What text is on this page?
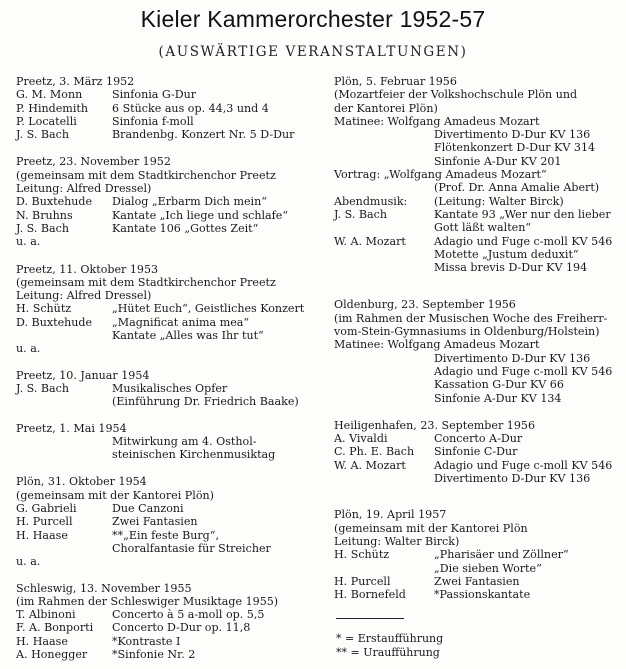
Kieler Kammerorchester 1952-57
(AUSWÄRTIGE VERANSTALTUNGEN)
Preetz, 3. März 1952
G. M. Monn	Sinfonia G-Dur
P. Hindemith 6 Stücke aus op. 44,3 und 4
P. Locatelli	Sinfonia f-moll
J. S. Bach	Brandenbg. Konzert Nr. 5 D-Dur
Preetz, 23. November 1952
(gemeinsam mit dem Stadtkirchenchor Preetz
Leitung: Alfred Dressel)
D. Buxtehude Dialog „Erbarm Dich mein“
N. Bruhns	Kantate „Ich liege und schlafe“
J. S. Bach	Kantate 106 „Gottes Zeit“
u. a.
Preetz, 11. Oktober 1953
(gemeinsam mit dem Stadtkirchenchor Preetz
Leitung: Alfred Dressel)
H. Schütz	„Hütet Euch“, Geistliches Konzert
D. Buxtehude „Magnificat anima mea“
Kantate „Alles was Ihr tut“
u. a.
Preetz, 10. Januar 1954
J. S. Bach	Musikalisches Opfer
(Einführung Dr. Friedrich Baake)
Preetz, 1. Mai 1954
Mitwirkung am 4. Osthol-
steinischen Kirchenmusiktag
Plön, 31. Oktober 1954
(gemeinsam mit der Kantorei Plön)
G. Gabrieli	Due Canzoni
H. Purcell	Zwei Fantasien
H. Haase	**„Ein feste Burg“,
Choralfantasie für Streicher
u. a.
Schleswig, 13. November 1955
(im Rahmen der Schleswiger Musiktage 1955)
T. Albinoni	Concerto à 5 a-moll op. 5,5
F. A. Bonporti Concerto D-Dur op. 11,8
H. Haase	*Kontraste I
A. Honegger *Sinfonie Nr. 2
Plön, 5. Februar 1956
(Mozartfeier der Volkshochschule Plön und
der Kantorei Plön)
Matinee: Wolfgang Amadeus Mozart
Divertimento D-Dur KV 136
Flötenkonzert D-Dur KV 314
Sinfonie A-Dur KV 201
Vortrag: „Wolfgang Amadeus Mozart“
(Prof. Dr. Anna Amalie Abert)
Abendmusik: (Leitung: Walter Birck)
J. S. Bach	Kantate 93 „Wer nur den lieber
Gott läßt walten“
W. A. Mozart	Adagio und Fuge c-moll KV 546
Motette „Justum deduxit“
Missa brevis D-Dur KV 194
Oldenburg, 23. September 1956
(im Rahmen der Musischen Woche des Freiherr-
vom-Stein-Gymnasiums in Oldenburg/Holstein)
Matinee: Wolfgang Amadeus Mozart
Divertimento D-Dur KV 136
Adagio und Fuge c-moll KV 546
Kassation G-Dur KV 66
Sinfonie A-Dur KV 134
Heiligenhafen, 23. September 1956
A. Vivaldi	Concerto A-Dur
C. Ph. E. Bach Sinfonie C-Dur
W. A. Mozart	Adagio und Fuge c-moll KV 546
Divertimento D-Dur KV 136
Plön, 19. April 1957
(gemeinsam mit der Kantorei Plön
Leitung: Walter Birck)
H. Schütz	„Pharisäer und Zöllner“
„Die sieben Worte“
H. Purcell	Zwei Fantasien
H. Bornefeld	*Passionskantate
* = Erstaufführung
** = Uraufführung
